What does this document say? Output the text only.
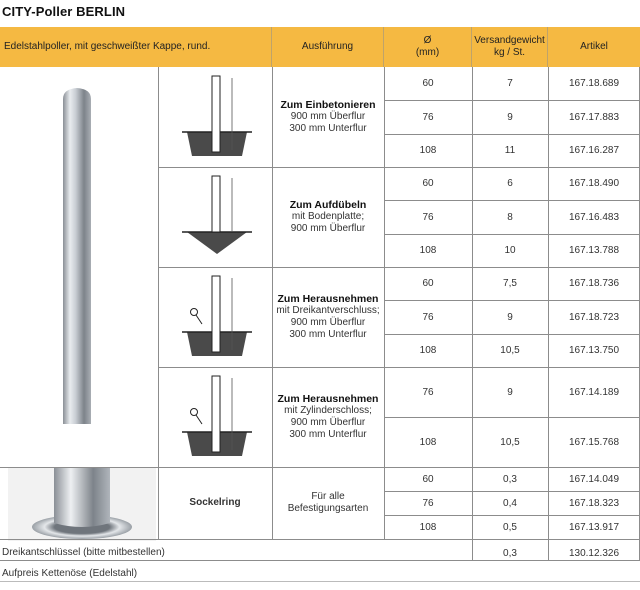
CITY-Poller BERLIN
Edelstahlpoller, mit geschweißter Kappe, rund.	Ausführung
Ø
(mm)
Versandgewicht
kg / St.
Artikel
Zum Einbetonieren
900 mm Überflur
300 mm Unterflur
60	7	167.18.689
76	9	167.17.883
108	11	167.16.287
Zum Aufdübeln
mit Bodenplatte;
900 mm Überflur
60	6	167.18.490
76	8	167.16.483
108	10	167.13.788
Zum Herausnehmen
mit Dreikantverschluss;
900 mm Überflur
300 mm Unterflur
60	7,5	167.18.736
76	9	167.18.723
108	10,5	167.13.750
Zum Herausnehmen
mit Zylinderschloss;
900 mm Überflur
300 mm Unterflur
76	9	167.14.189
108	10,5	167.15.768
Sockelring
Für alle
Befestigungsarten
60	0,3	167.14.049
76	0,4	167.18.323
108	0,5	167.13.917
Dreikantschlüssel (bitte mitbestellen)	0,3	130.12.326
Aufpreis Kettenöse (Edelstahl)
